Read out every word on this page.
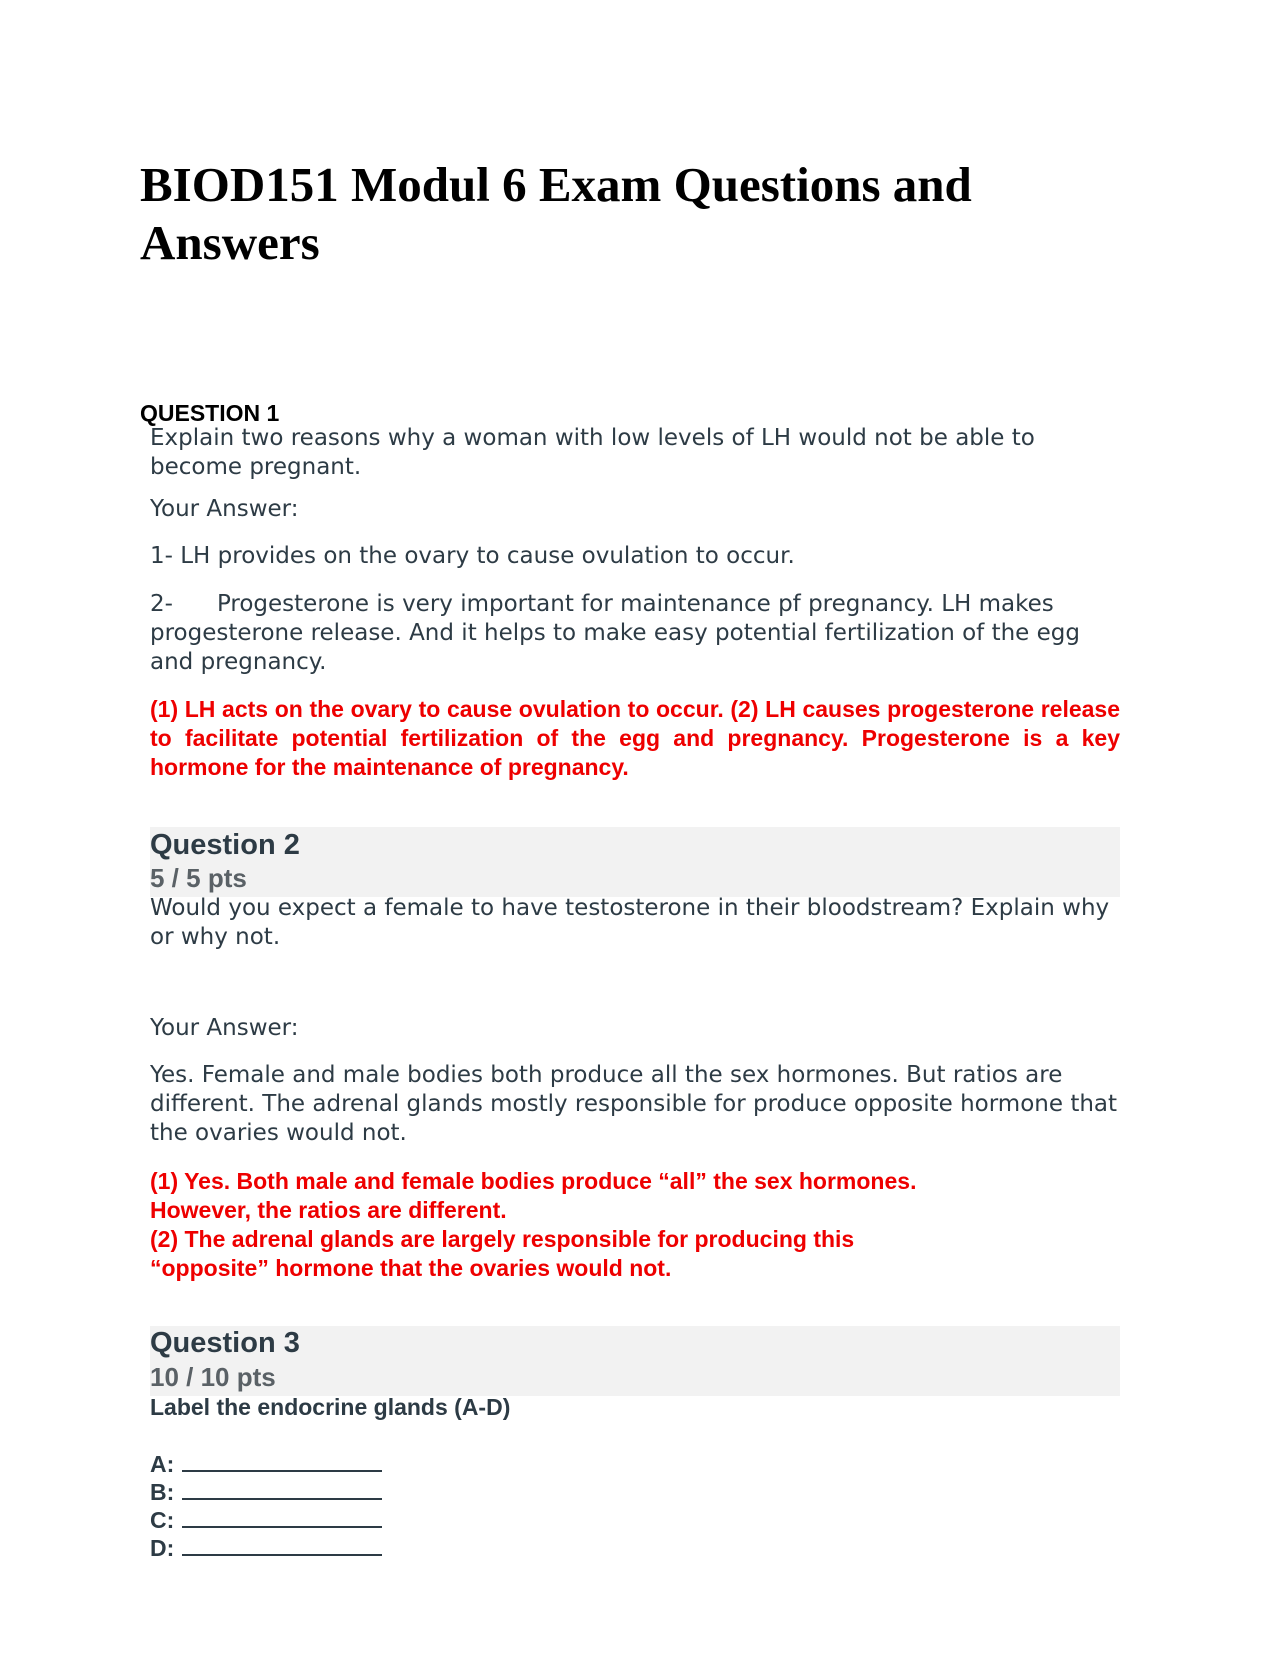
BIOD151 Modul 6 Exam Questions and Answers
QUESTION 1

Explain two reasons why a woman with low levels of LH would not be able to become pregnant.

Your Answer:

1- LH provides on the ovary to cause ovulation to occur.

2- Progesterone is very important for maintenance pf pregnancy. LH makes progesterone release. And it helps to make easy potential fertilization of the egg and pregnancy.

(1) LH acts on the ovary to cause ovulation to occur. (2) LH causes progesterone release to facilitate potential fertilization of the egg and pregnancy. Progesterone is a key hormone for the maintenance of pregnancy.

Question 2
5 / 5 pts

Would you expect a female to have testosterone in their bloodstream? Explain why or why not.

Your Answer:

Yes. Female and male bodies both produce all the sex hormones. But ratios are different. The adrenal glands mostly responsible for produce opposite hormone that the ovaries would not.

(1) Yes. Both male and female bodies produce “all” the sex hormones.

However, the ratios are different.

(2) The adrenal glands are largely responsible for producing this

“opposite” hormone that the ovaries would not.

Question 3
10 / 10 pts
Label the endocrine glands (A-D)
A:
B:
C:
D:
